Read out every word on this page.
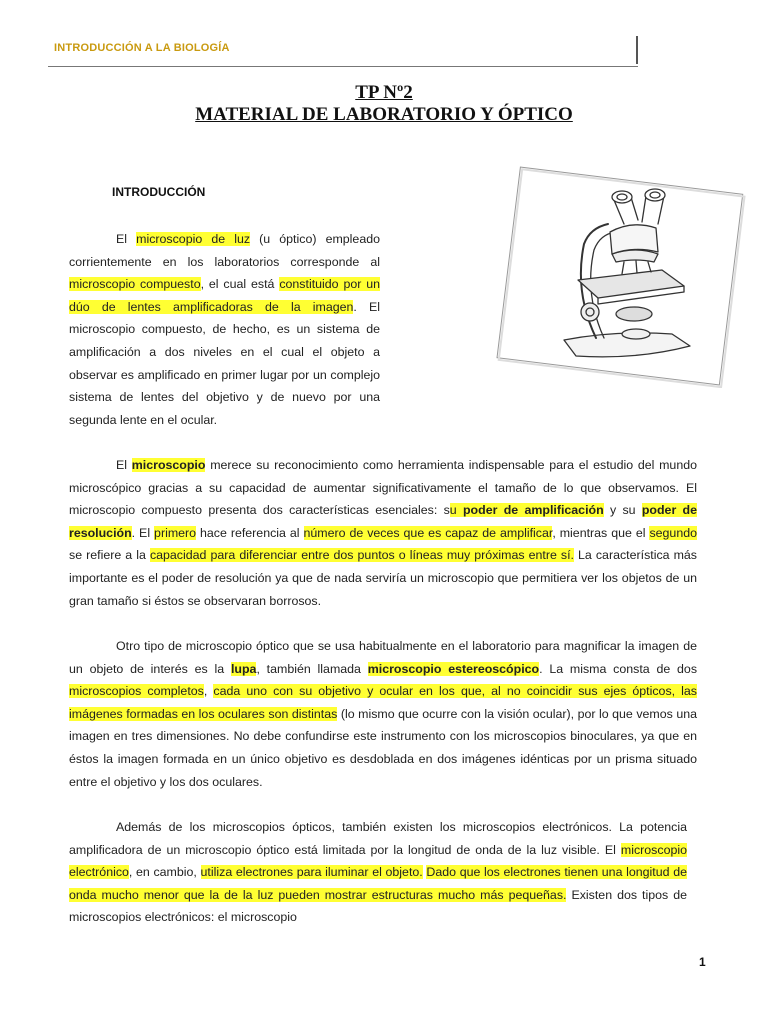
INTRODUCCIÓN A LA BIOLOGÍA
TP Nº2
MATERIAL DE LABORATORIO Y ÓPTICO
INTRODUCCIÓN

El microscopio de luz (u óptico) empleado corrientemente en los laboratorios corresponde al microscopio compuesto, el cual está constituido por un dúo de lentes amplificadoras de la imagen. El microscopio compuesto, de hecho, es un sistema de amplificación a dos niveles en el cual el objeto a observar es amplificado en primer lugar por un complejo sistema de lentes del objetivo y de nuevo por una segunda lente en el ocular.

El microscopio merece su reconocimiento como herramienta indispensable para el estudio del mundo microscópico gracias a su capacidad de aumentar significativamente el tamaño de lo que observamos. El microscopio compuesto presenta dos características esenciales: su poder de amplificación y su poder de resolución. El primero hace referencia al número de veces que es capaz de amplificar, mientras que el segundo se refiere a la capacidad para diferenciar entre dos puntos o líneas muy próximas entre sí. La característica más importante es el poder de resolución ya que de nada serviría un microscopio que permitiera ver los objetos de un gran tamaño si éstos se observaran borrosos.

Otro tipo de microscopio óptico que se usa habitualmente en el laboratorio para magnificar la imagen de un objeto de interés es la lupa, también llamada microscopio estereoscópico. La misma consta de dos microscopios completos, cada uno con su objetivo y ocular en los que, al no coincidir sus ejes ópticos, las imágenes formadas en los oculares son distintas (lo mismo que ocurre con la visión ocular), por lo que vemos una imagen en tres dimensiones. No debe confundirse este instrumento con los microscopios binoculares, ya que en éstos la imagen formada en un único objetivo es desdoblada en dos imágenes idénticas por un prisma situado entre el objetivo y los dos oculares.

Además de los microscopios ópticos, también existen los microscopios electrónicos. La potencia amplificadora de un microscopio óptico está limitada por la longitud de onda de la luz visible. El microscopio electrónico, en cambio, utiliza electrones para iluminar el objeto. Dado que los electrones tienen una longitud de onda mucho menor que la de la luz pueden mostrar estructuras mucho más pequeñas. Existen dos tipos de microscopios electrónicos: el microscopio

1
